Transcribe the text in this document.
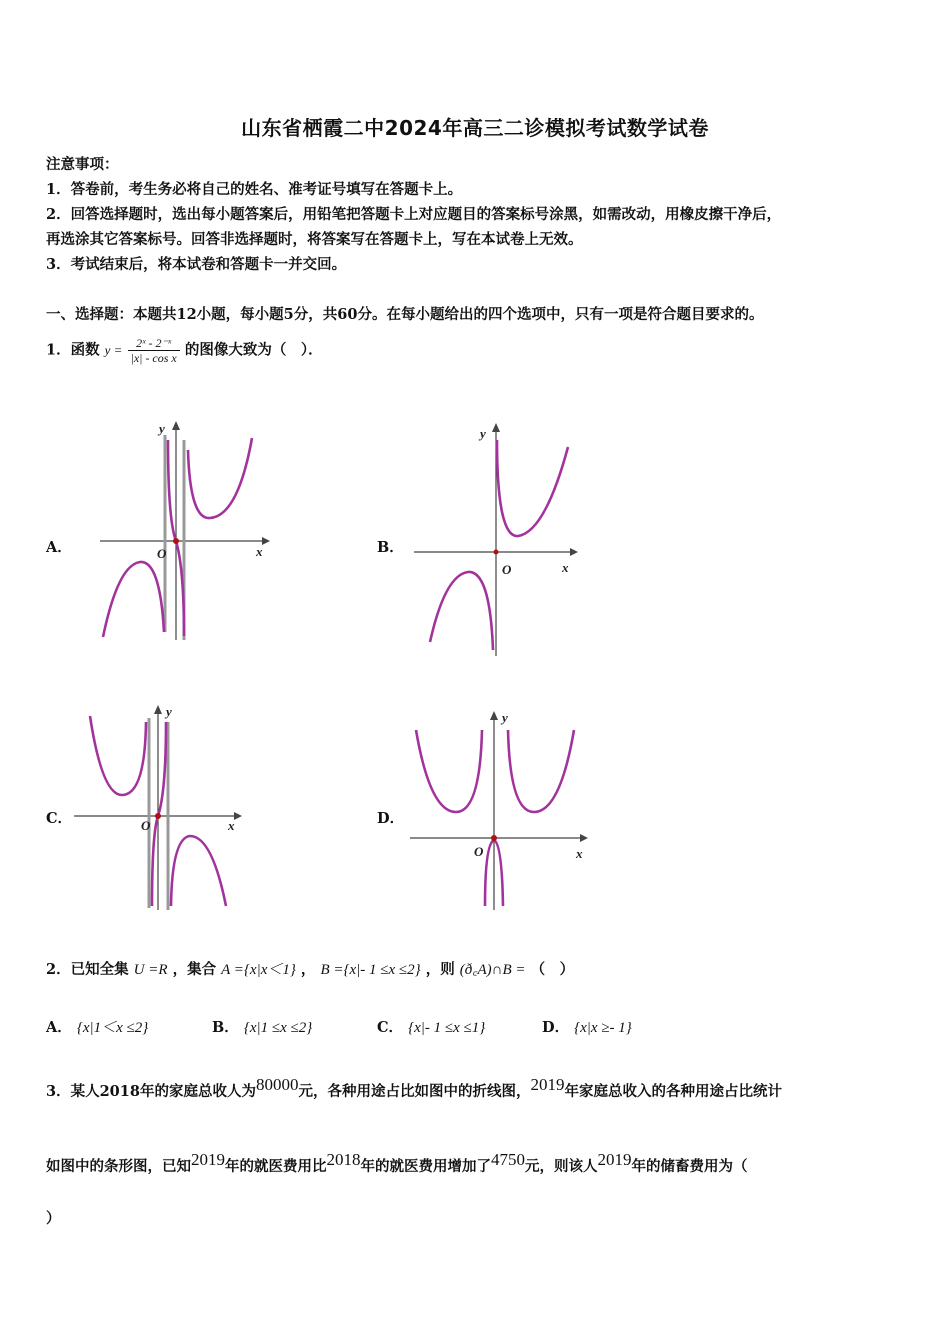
山东省栖霞二中2024年高三二诊模拟考试数学试卷
注意事项：
1．答卷前，考生务必将自己的姓名、准考证号填写在答题卡上。
2．回答选择题时，选出每小题答案后，用铅笔把答题卡上对应题目的答案标号涂黑，如需改动，用橡皮擦干净后，
再选涂其它答案标号。回答非选择题时，将答案写在答题卡上，写在本试卷上无效。
3．考试结束后，将本试卷和答题卡一并交回。
一、选择题：本题共12小题，每小题5分，共60分。在每小题给出的四个选项中，只有一项是符合题目要求的。
1．函数 $y = \frac{\text{2ˣ - 2⁻ˣ}}{\text{|x| - cos x}}$ 的图像大致为（　）．
A．	O	x
y
B．
O	x
y
C．	O	x
y
D．
O	x
y
2．已知全集 U =R ，集合 A ={x|x＜1} ， B ={x|- 1 ≤x ≤2} ，则 (ð꜀A)∩B = （　）
A． {x|1＜x ≤2}	B． {x|1 ≤x ≤2}	C． {x|- 1 ≤x ≤1}	D． {x|x ≥- 1}
3．某人2018年的家庭总收人为$^{80000}$元，各种用途占比如图中的折线图，$^{2019}$年家庭总收入的各种用途占比统计
如图中的条形图，已知$^{2019}$年的就医费用比$^{2018}$年的就医费用增加了$^{4750}$元，则该人$^{2019}$年的储畜费用为（
）
